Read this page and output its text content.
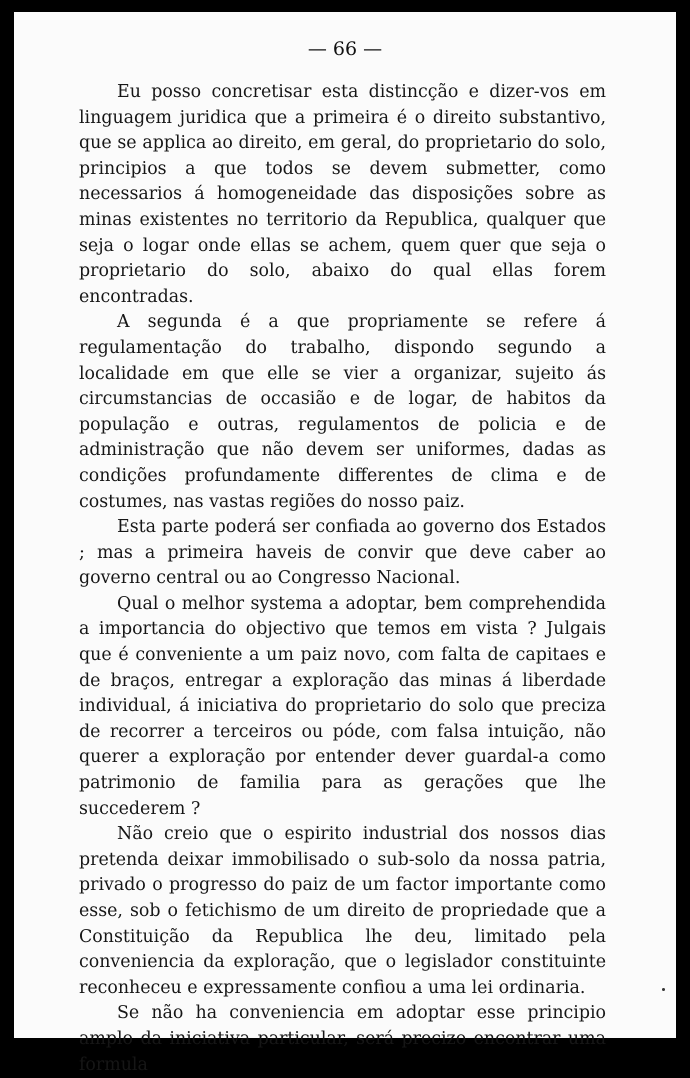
— 66 —

Eu posso concretisar esta distincção e dizer-vos em linguagem juridica que a primeira é o direito substantivo, que se applica ao direito, em geral, do proprietario do solo, principios a que todos se devem submetter, como necessarios á homogeneidade das disposições sobre as minas existentes no territorio da Republica, qualquer que seja o logar onde ellas se achem, quem quer que seja o proprietario do solo, abaixo do qual ellas forem encontradas.

A segunda é a que propriamente se refere á regulamentação do trabalho, dispondo segundo a localidade em que elle se vier a organizar, sujeito ás circumstancias de occasião e de logar, de habitos da população e outras, regulamentos de policia e de administração que não devem ser uniformes, dadas as condições profundamente differentes de clima e de costumes, nas vastas regiões do nosso paiz.

Esta parte poderá ser confiada ao governo dos Estados ; mas a primeira haveis de convir que deve caber ao governo central ou ao Congresso Nacional.

Qual o melhor systema a adoptar, bem comprehendida a importancia do objectivo que temos em vista ? Julgais que é conveniente a um paiz novo, com falta de capitaes e de braços, entregar a exploração das minas á liberdade individual, á iniciativa do proprietario do solo que preciza de recorrer a terceiros ou póde, com falsa intuição, não querer a exploração por entender dever guardal-a como patrimonio de familia para as gerações que lhe succederem ?

Não creio que o espirito industrial dos nossos dias pretenda deixar immobilisado o sub-solo da nossa patria, privado o progresso do paiz de um factor importante como esse, sob o fetichismo de um direito de propriedade que a Constituição da Republica lhe deu, limitado pela conveniencia da exploração, que o legislador constituinte reconheceu e expressamente confiou a uma lei ordinaria.

Se não ha conveniencia em adoptar esse principio amplo da iniciativa particular, será precizo encontrar uma formula
